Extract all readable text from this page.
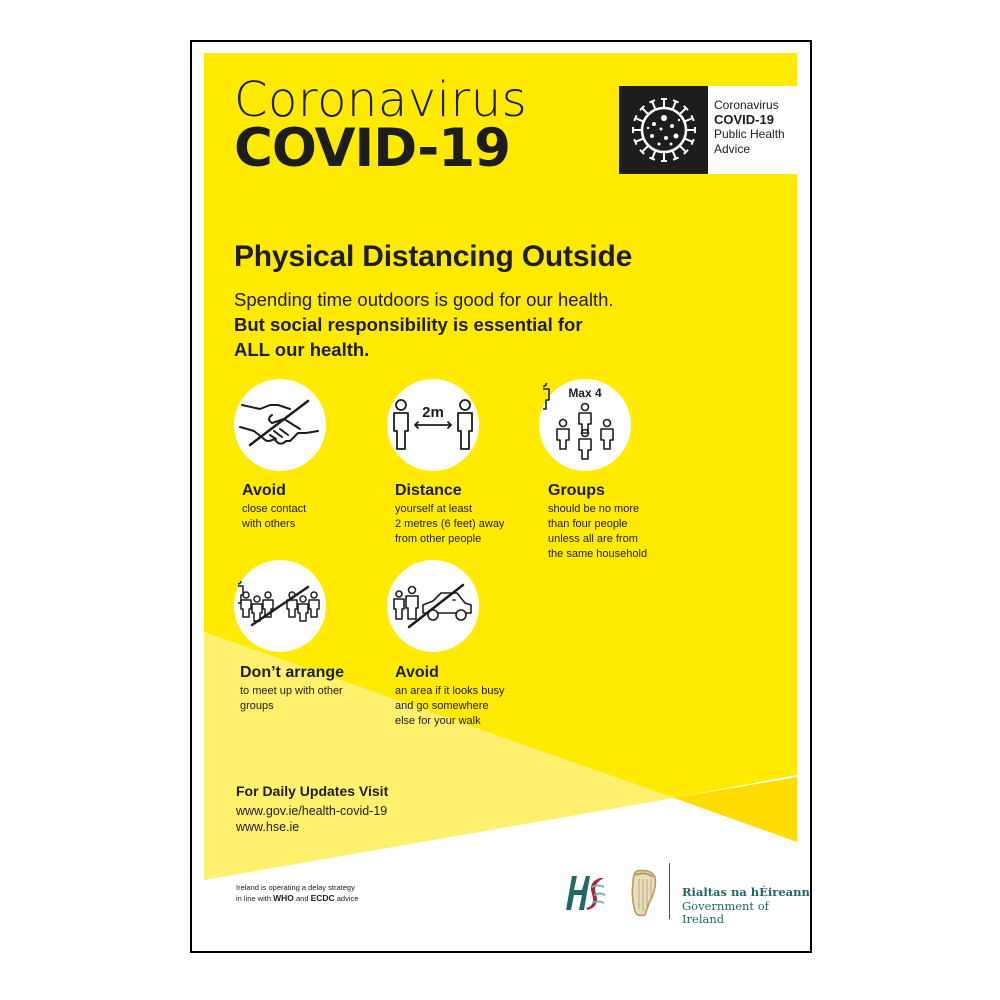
Coronavirus
COVID-19
Coronavirus
COVID-19
Public Health
Advice
Physical Distancing Outside
Spending time outdoors is good for our health.
But social responsibility is essential for
ALL our health.
Avoid
close contact
with others
2m
Distance
yourself at least
2 metres (6 feet) away
from other people
Max 4
Groups
should be no more
than four people
unless all are from
the same household
Don’t arrange
to meet up with other
groups
Avoid
an area if it looks busy
and go somewhere
else for your walk
For Daily Updates Visit
www.gov.ie/health-covid-19
www.hse.ie
Ireland is operating a delay strategy
in line with WHO and ECDC advice	Rialtas na hÉireann
Government of Ireland
